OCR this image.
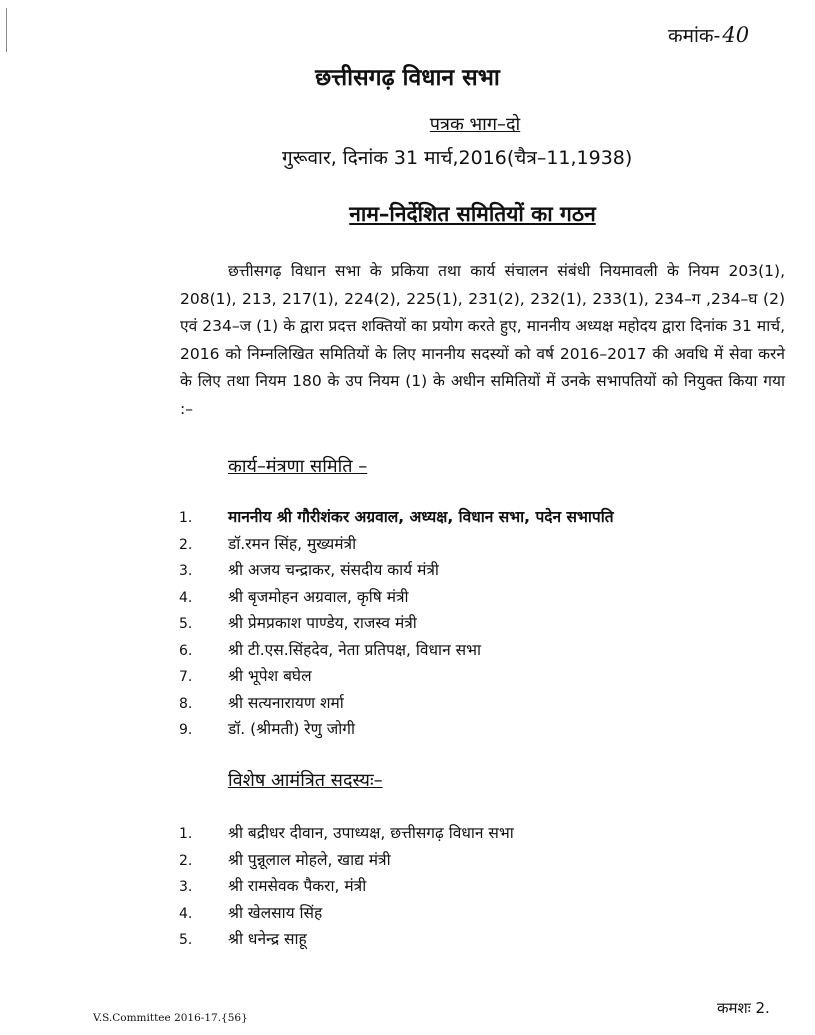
कमांक-40
छत्तीसगढ़ विधान सभा
पत्रक भाग–दो
गुरूवार, दिनांक 31 मार्च,2016(चैत्र–11,1938)
नाम–निर्देशित समितियों का गठन

छत्तीसगढ़ विधान सभा के प्रकिया तथा कार्य संचालन संबंधी नियमावली के नियम 203(1), 208(1), 213, 217(1), 224(2), 225(1), 231(2), 232(1), 233(1), 234–ग ,234–घ (2) एवं 234–ज (1) के द्वारा प्रदत्त शक्तियों का प्रयोग करते हुए, माननीय अध्यक्ष महोदय द्वारा दिनांक 31 मार्च, 2016 को निम्नलिखित समितियों के लिए माननीय सदस्यों को वर्ष 2016–2017 की अवधि में सेवा करने के लिए तथा नियम 180 के उप नियम (1) के अधीन समितियों में उनके सभापतियों को नियुक्त किया गया :–

कार्य–मंत्रणा समिति –
1. माननीय श्री गौरीशंकर अग्रवाल, अध्यक्ष, विधान सभा, पदेन सभापति
2. डॉ.रमन सिंह, मुख्यमंत्री
3. श्री अजय चन्द्राकर, संसदीय कार्य मंत्री
4. श्री बृजमोहन अग्रवाल, कृषि मंत्री
5. श्री प्रेमप्रकाश पाण्डेय, राजस्व मंत्री
6. श्री टी.एस.सिंहदेव, नेता प्रतिपक्ष, विधान सभा
7. श्री भूपेश बघेल
8. श्री सत्यनारायण शर्मा
9. डॉ. (श्रीमती) रेणु जोगी
विशेष आमंत्रित सदस्यः–
1. श्री बद्रीधर दीवान, उपाध्यक्ष, छत्तीसगढ़ विधान सभा
2. श्री पुन्नूलाल मोहले, खाद्य मंत्री
3. श्री रामसेवक पैकरा, मंत्री
4. श्री खेलसाय सिंह
5. श्री धनेन्द्र साहू
V.S.Committee 2016-17.{56}
कमशः 2.
